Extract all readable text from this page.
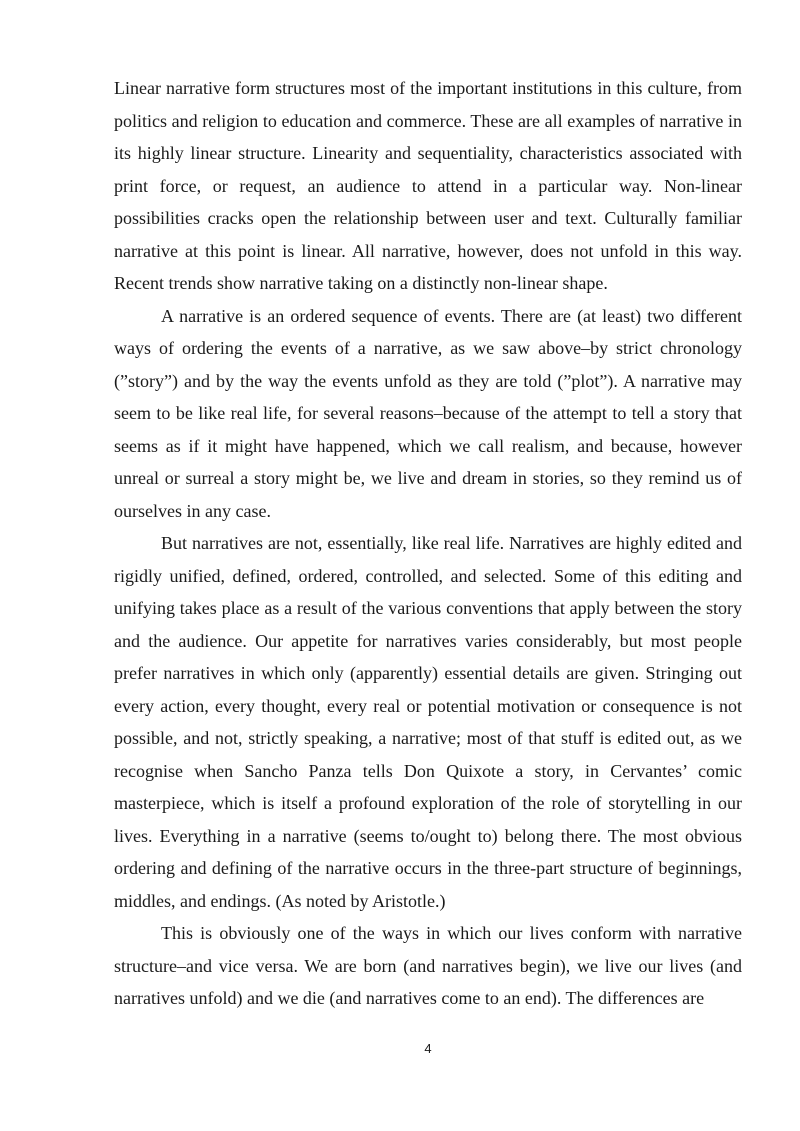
Linear narrative form structures most of the important institutions in this culture, from politics and religion to education and commerce. These are all examples of narrative in its highly linear structure. Linearity and sequentiality, characteristics associated with print force, or request, an audience to attend in a particular way. Non-linear possibilities cracks open the relationship between user and text. Culturally familiar narrative at this point is linear. All narrative, however, does not unfold in this way. Recent trends show narrative taking on a distinctly non-linear shape.

A narrative is an ordered sequence of events. There are (at least) two different ways of ordering the events of a narrative, as we saw above–by strict chronology (”story”) and by the way the events unfold as they are told (”plot”). A narrative may seem to be like real life, for several reasons–because of the attempt to tell a story that seems as if it might have happened, which we call realism, and because, however unreal or surreal a story might be, we live and dream in stories, so they remind us of ourselves in any case.

But narratives are not, essentially, like real life. Narratives are highly edited and rigidly unified, defined, ordered, controlled, and selected. Some of this editing and unifying takes place as a result of the various conventions that apply between the story and the audience. Our appetite for narratives varies considerably, but most people prefer narratives in which only (apparently) essential details are given. Stringing out every action, every thought, every real or potential motivation or consequence is not possible, and not, strictly speaking, a narrative; most of that stuff is edited out, as we recognise when Sancho Panza tells Don Quixote a story, in Cervantes’ comic masterpiece, which is itself a profound exploration of the role of storytelling in our lives. Everything in a narrative (seems to/ought to) belong there. The most obvious ordering and defining of the narrative occurs in the three-part structure of beginnings, middles, and endings. (As noted by Aristotle.)

This is obviously one of the ways in which our lives conform with narrative structure–and vice versa. We are born (and narratives begin), we live our lives (and narratives unfold) and we die (and narratives come to an end). The differences are

4
